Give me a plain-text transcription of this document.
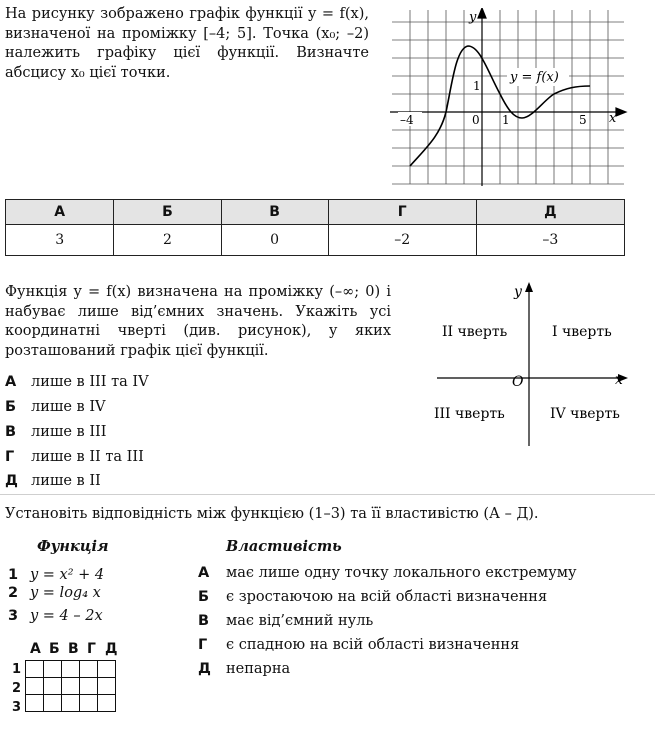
На рисунку зображено графік функції y = f(x), визначеної на проміжку [–4; 5]. Точка (x₀; –2) належить графіку цієї функції. Визначте абсцису x₀ цієї точки.	y = f(x)
y
x
–4	0 1
1
5
А	Б	В	Г	Д
3	2	0	–2	–3
Функція y = f(x) визначена на проміжку (–∞; 0) і набуває лише від’ємних значень. Укажіть усі координатні чверті (див. рисунок), у яких розташований графік цієї функції.
y
x
O
II чверть	I чверть
III чверть	IV чверть
А лише в III та IV
Б лише в IV
В лише в III
Г лише в II та III
Д лише в II
Установіть відповідність між функцією (1–3) та її властивістю (А – Д).
Функція	Властивість
1 y = x² + 4
2 y = log₄ x
3 y = 4 – 2x
А має лише одну точку локального екстремуму
Б є зростаючою на всій області визначення
В має від’ємний нуль
Г є спадною на всій області визначення
Д непарна
А Б В Г Д
1
2
3
